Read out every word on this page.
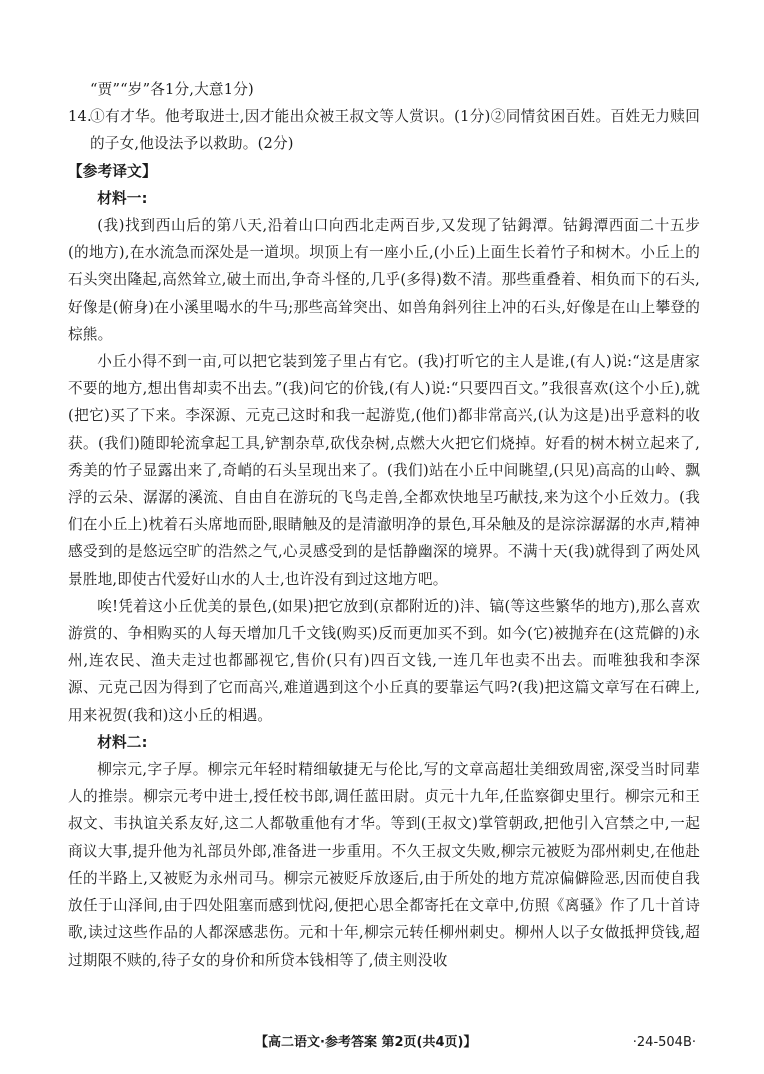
“贾”“岁”各1分,大意1分)

14.①有才华。他考取进士,因才能出众被王叔文等人赏识。(1分)②同情贫困百姓。百姓无力赎回的子女,他设法予以救助。(2分)

【参考译文】

材料一:

(我)找到西山后的第八天,沿着山口向西北走两百步,又发现了钴鉧潭。钴鉧潭西面二十五步(的地方),在水流急而深处是一道坝。坝顶上有一座小丘,(小丘)上面生长着竹子和树木。小丘上的石头突出隆起,高然耸立,破土而出,争奇斗怪的,几乎(多得)数不清。那些重叠着、相负而下的石头,好像是(俯身)在小溪里喝水的牛马;那些高耸突出、如兽角斜列往上冲的石头,好像是在山上攀登的棕熊。

小丘小得不到一亩,可以把它装到笼子里占有它。(我)打听它的主人是谁,(有人)说:“这是唐家不要的地方,想出售却卖不出去。”(我)问它的价钱,(有人)说:“只要四百文。”我很喜欢(这个小丘),就(把它)买了下来。李深源、元克己这时和我一起游览,(他们)都非常高兴,(认为这是)出乎意料的收获。(我们)随即轮流拿起工具,铲割杂草,砍伐杂树,点燃大火把它们烧掉。好看的树木树立起来了,秀美的竹子显露出来了,奇峭的石头呈现出来了。(我们)站在小丘中间眺望,(只见)高高的山岭、飘浮的云朵、潺潺的溪流、自由自在游玩的飞鸟走兽,全都欢快地呈巧献技,来为这个小丘效力。(我们在小丘上)枕着石头席地而卧,眼睛触及的是清澈明净的景色,耳朵触及的是淙淙潺潺的水声,精神感受到的是悠远空旷的浩然之气,心灵感受到的是恬静幽深的境界。不满十天(我)就得到了两处风景胜地,即使古代爱好山水的人士,也许没有到过这地方吧。

唉!凭着这小丘优美的景色,(如果)把它放到(京都附近的)沣、镐(等这些繁华的地方),那么喜欢游赏的、争相购买的人每天增加几千文钱(购买)反而更加买不到。如今(它)被抛弃在(这荒僻的)永州,连农民、渔夫走过也都鄙视它,售价(只有)四百文钱,一连几年也卖不出去。而唯独我和李深源、元克己因为得到了它而高兴,难道遇到这个小丘真的要靠运气吗?(我)把这篇文章写在石碑上,用来祝贺(我和)这小丘的相遇。

材料二:

柳宗元,字子厚。柳宗元年轻时精细敏捷无与伦比,写的文章高超壮美细致周密,深受当时同辈人的推崇。柳宗元考中进士,授任校书郎,调任蓝田尉。贞元十九年,任监察御史里行。柳宗元和王叔文、韦执谊关系友好,这二人都敬重他有才华。等到(王叔文)掌管朝政,把他引入宫禁之中,一起商议大事,提升他为礼部员外郎,准备进一步重用。不久王叔文失败,柳宗元被贬为邵州刺史,在他赴任的半路上,又被贬为永州司马。柳宗元被贬斥放逐后,由于所处的地方荒凉偏僻险恶,因而使自我放任于山泽间,由于四处阻塞而感到忧闷,便把心思全都寄托在文章中,仿照《离骚》作了几十首诗歌,读过这些作品的人都深感悲伤。元和十年,柳宗元转任柳州刺史。柳州人以子女做抵押贷钱,超过期限不赎的,待子女的身价和所贷本钱相等了,债主则没收

【高二语文·参考答案 第2页(共4页)】	·24-504B·
